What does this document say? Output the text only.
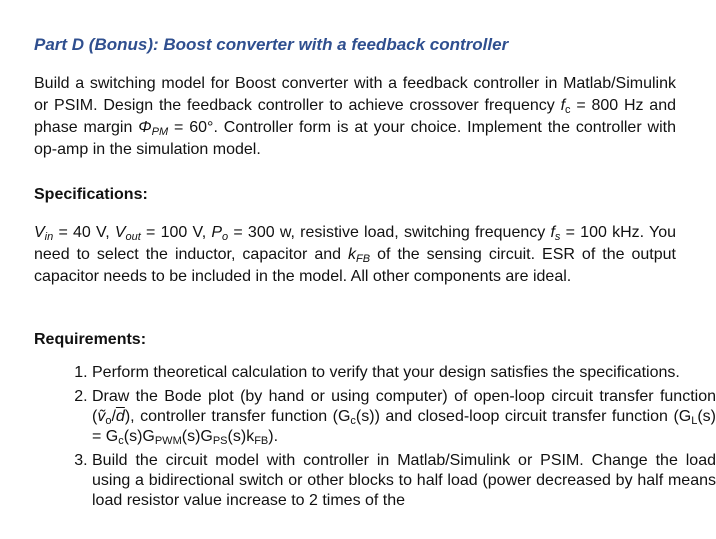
Part D (Bonus): Boost converter with a feedback controller
Build a switching model for Boost converter with a feedback controller in Matlab/Simulink or PSIM. Design the feedback controller to achieve crossover frequency $f_c = 800$ Hz and phase margin $\Phi_{PM} = 60^\circ$. Controller form is at your choice. Implement the controller with op-amp in the simulation model.
Specifications:
$V_{in} = 40$ V, $V_{out} = 100$ V, $P_o = 300$ w, resistive load, switching frequency $f_s = 100$ kHz. You need to select the inductor, capacitor and $k_{FB}$ of the sensing circuit. ESR of the output capacitor needs to be included in the model. All other components are ideal.
Requirements:
1. Perform theoretical calculation to verify that your design satisfies the specifications.
2. Draw the Bode plot (by hand or using computer) of open-loop circuit transfer function $(ṽ_o/\overline{d})$, controller transfer function $(G_c(s))$ and closed-loop circuit transfer function $(G_L(s) = G_c(s)G_{PWM}(s)G_{PS}(s)k_{FB})$.
3. Build the circuit model with controller in Matlab/Simulink or PSIM. Change the load using a bidirectional switch or other blocks to half load (power decreased by half means load resistor value increase to 2 times of the
